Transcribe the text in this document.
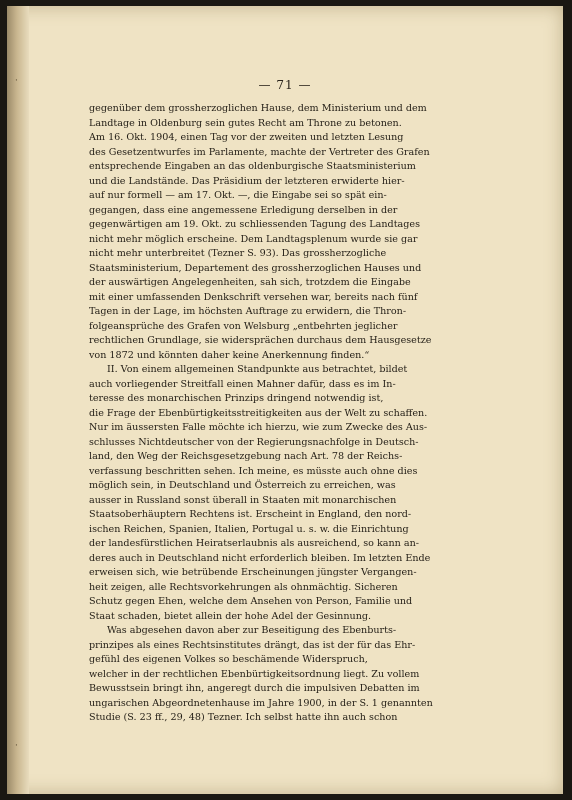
·
·
— 71 —
gegenüber dem grossherzoglichen Hause, dem Ministerium und dem
Landtage in Oldenburg sein gutes Recht am Throne zu betonen.
Am 16. Okt. 1904, einen Tag vor der zweiten und letzten Lesung
des Gesetzentwurfes im Parlamente, machte der Vertreter des Grafen
entsprechende Eingaben an das oldenburgische Staatsministerium
und die Landstände. Das Präsidium der letzteren erwiderte hier-
auf nur formell — am 17. Okt. —, die Eingabe sei so spät ein-
gegangen, dass eine angemessene Erledigung derselben in der
gegenwärtigen am 19. Okt. zu schliessenden Tagung des Landtages
nicht mehr möglich erscheine. Dem Landtagsplenum wurde sie gar
nicht mehr unterbreitet (Tezner S. 93). Das grossherzogliche
Staatsministerium, Departement des grossherzoglichen Hauses und
der auswärtigen Angelegenheiten, sah sich, trotzdem die Eingabe
mit einer umfassenden Denkschrift versehen war, bereits nach fünf
Tagen in der Lage, im höchsten Auftrage zu erwidern, die Thron-
folgeansprüche des Grafen von Welsburg „entbehrten jeglicher
rechtlichen Grundlage, sie widersprächen durchaus dem Hausgesetze
von 1872 und könnten daher keine Anerkennung finden.“
II. Von einem allgemeinen Standpunkte aus betrachtet, bildet
auch vorliegender Streitfall einen Mahner dafür, dass es im In-
teresse des monarchischen Prinzips dringend notwendig ist,
die Frage der Ebenbürtigkeitsstreitigkeiten aus der Welt zu schaffen.
Nur im äussersten Falle möchte ich hierzu, wie zum Zwecke des Aus-
schlusses Nichtdeutscher von der Regierungsnachfolge in Deutsch-
land, den Weg der Reichsgesetzgebung nach Art. 78 der Reichs-
verfassung beschritten sehen. Ich meine, es müsste auch ohne dies
möglich sein, in Deutschland und Österreich zu erreichen, was
ausser in Russland sonst überall in Staaten mit monarchischen
Staatsoberhäuptern Rechtens ist. Erscheint in England, den nord-
ischen Reichen, Spanien, Italien, Portugal u. s. w. die Einrichtung
der landesfürstlichen Heiratserlaubnis als ausreichend, so kann an-
deres auch in Deutschland nicht erforderlich bleiben. Im letzten Ende
erweisen sich, wie betrübende Erscheinungen jüngster Vergangen-
heit zeigen, alle Rechtsvorkehrungen als ohnmächtig. Sicheren
Schutz gegen Ehen, welche dem Ansehen von Person, Familie und
Staat schaden, bietet allein der hohe Adel der Gesinnung.
Was abgesehen davon aber zur Beseitigung des Ebenburts-
prinzipes als eines Rechtsinstitutes drängt, das ist der für das Ehr-
gefühl des eigenen Volkes so beschämende Widerspruch,
welcher in der rechtlichen Ebenbürtigkeitsordnung liegt. Zu vollem
Bewusstsein bringt ihn, angeregt durch die impulsiven Debatten im
ungarischen Abgeordnetenhause im Jahre 1900, in der S. 1 genannten
Studie (S. 23 ff., 29, 48) Tezner. Ich selbst hatte ihn auch schon
